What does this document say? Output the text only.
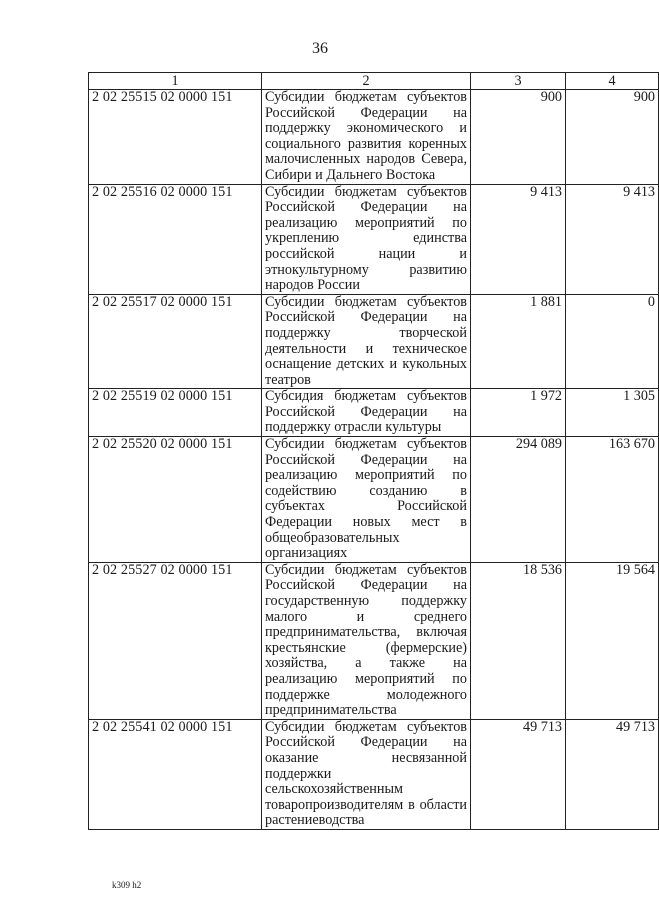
36
1	2	3	4
2 02 25515 02 0000 151	Субсидии бюджетам субъектов Российской Федерации на поддержку экономического и социального развития коренных малочисленных народов Севера, Сибири и Дальнего Востока	900	900
2 02 25516 02 0000 151	Субсидии бюджетам субъектов Российской Федерации на реализацию мероприятий по укреплению единства российской нации и этнокультурному развитию народов России	9 413	9 413
2 02 25517 02 0000 151	Субсидии бюджетам субъектов Российской Федерации на поддержку творческой деятельности и техническое оснащение детских и кукольных театров	1 881	0
2 02 25519 02 0000 151	Субсидия бюджетам субъектов Российской Федерации на поддержку отрасли культуры	1 972	1 305
2 02 25520 02 0000 151	Субсидии бюджетам субъектов Российской Федерации на реализацию мероприятий по содействию созданию в субъектах Российской Федерации новых мест в общеобразовательных организациях	294 089	163 670
2 02 25527 02 0000 151	Субсидии бюджетам субъектов Российской Федерации на государственную поддержку малого и среднего предпринимательства, включая крестьянские (фермерские) хозяйства, а также на реализацию мероприятий по поддержке молодежного предпринимательства	18 536	19 564
2 02 25541 02 0000 151	Субсидии бюджетам субъектов Российской Федерации на оказание несвязанной поддержки сельскохозяйственным товаропроизводителям в области растениеводства	49 713	49 713
k309 h2
